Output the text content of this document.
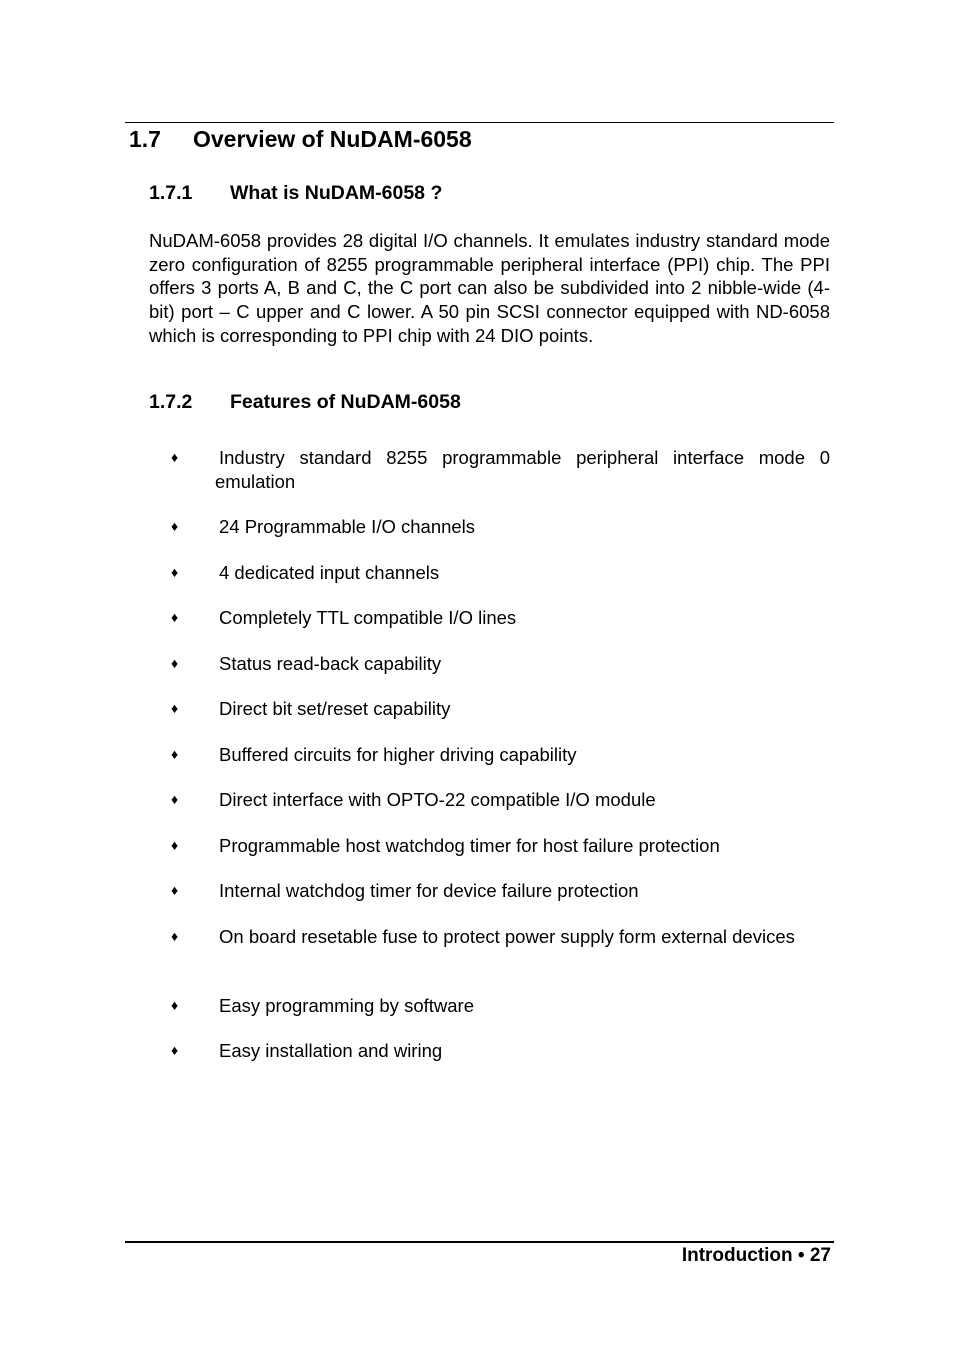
1.7 Overview of NuDAM-6058
1.7.1 What is NuDAM-6058 ?

NuDAM-6058 provides 28 digital I/O channels. It emulates industry standard mode zero configuration of 8255 programmable peripheral interface (PPI) chip. The PPI offers 3 ports A, B and C, the C port can also be subdivided into 2 nibble-wide (4-bit) port – C upper and C lower. A 50 pin SCSI connector equipped with ND-6058 which is corresponding to PPI chip with 24 DIO points.

1.7.2 Features of NuDAM-6058
♦ Industry standard 8255 programmable peripheral interface mode 0 emulation
♦ 24 Programmable I/O channels
♦ 4 dedicated input channels
♦ Completely TTL compatible I/O lines
♦ Status read-back capability
♦ Direct bit set/reset capability
♦ Buffered circuits for higher driving capability
♦ Direct interface with OPTO-22 compatible I/O module
♦ Programmable host watchdog timer for host failure protection
♦ Internal watchdog timer for device failure protection
♦ On board resetable fuse to protect power supply form external devices
♦ Easy programming by software
♦ Easy installation and wiring
Introduction • 27
